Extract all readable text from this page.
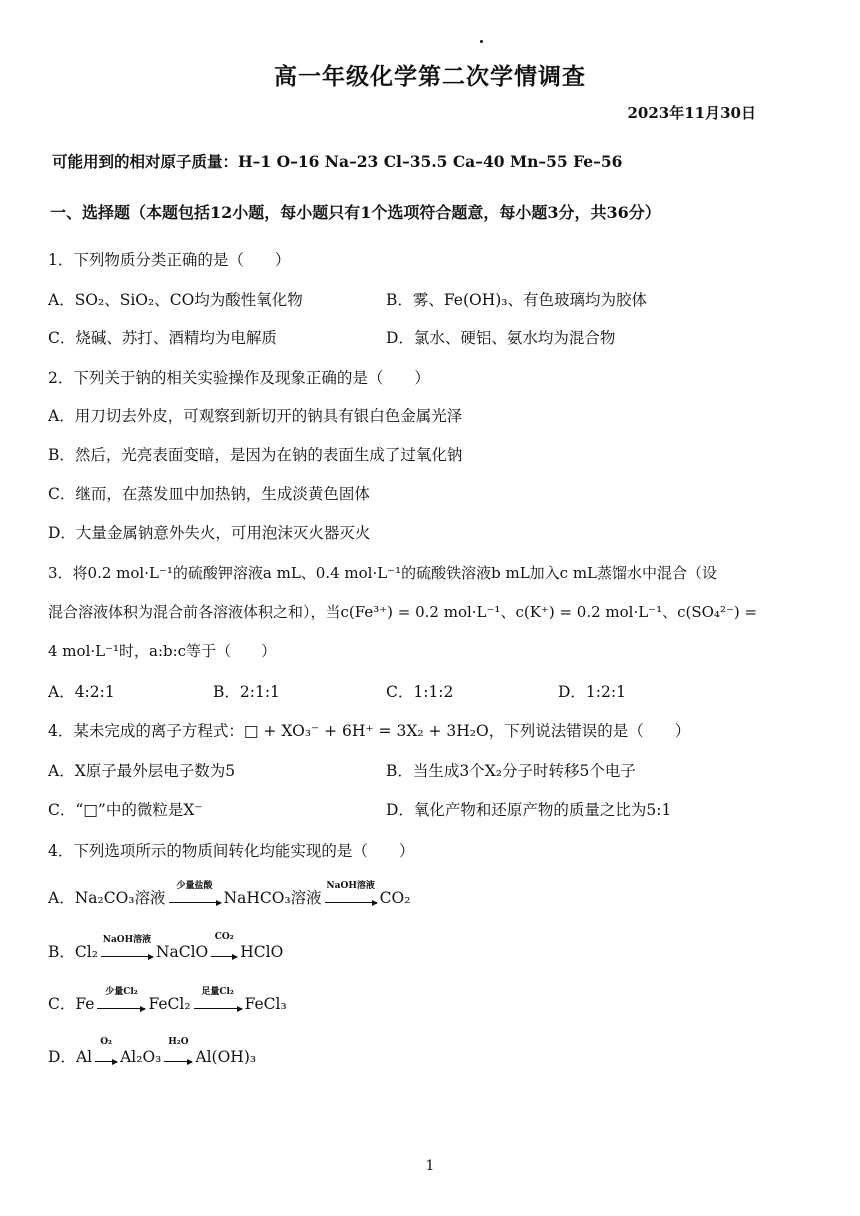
高一年级化学第二次学情调查
2023年11月30日
可能用到的相对原子质量：H–1 O–16 Na–23 Cl–35.5 Ca–40 Mn–55 Fe–56
一、选择题（本题包括12小题，每小题只有1个选项符合题意，每小题3分，共36分）
1．下列物质分类正确的是（　　）
A．SO₂、SiO₂、CO均为酸性氧化物	B．雾、Fe(OH)₃、有色玻璃均为胶体
C．烧碱、苏打、酒精均为电解质	D．氯水、硬铝、氨水均为混合物
2．下列关于钠的相关实验操作及现象正确的是（　　）
A．用刀切去外皮，可观察到新切开的钠具有银白色金属光泽
B．然后，光亮表面变暗，是因为在钠的表面生成了过氧化钠
C．继而，在蒸发皿中加热钠，生成淡黄色固体
D．大量金属钠意外失火，可用泡沫灭火器灭火
3．将0.2 mol·L⁻¹的硫酸钾溶液a mL、0.4 mol·L⁻¹的硫酸铁溶液b mL加入c mL蒸馏水中混合（设
混合溶液体积为混合前各溶液体积之和），当c(Fe³⁺) = 0.2 mol·L⁻¹、c(K⁺) = 0.2 mol·L⁻¹、c(SO₄²⁻) =
4 mol·L⁻¹时，a:b:c等于（　　）
A．4:2:1	B．2:1:1	C．1:1:2	D．1:2:1
4．某未完成的离子方程式：□ + XO₃⁻ + 6H⁺ = 3X₂ + 3H₂O，下列说法错误的是（　　）
A．X原子最外层电子数为5	B．当生成3个X₂分子时转移5个电子
C．“□”中的微粒是X⁻	D．氧化产物和还原产物的质量之比为5:1
4．下列选项所示的物质间转化均能实现的是（　　）
A．Na₂CO₃溶液
少量盐酸
NaHCO₃溶液
NaOH溶液
CO₂
B．Cl₂
NaOH溶液
NaClO
CO₂
HClO
C．Fe
少量Cl₂
FeCl₂
足量Cl₂
FeCl₃
D．Al
O₂
Al₂O₃
H₂O
Al(OH)₃
1
